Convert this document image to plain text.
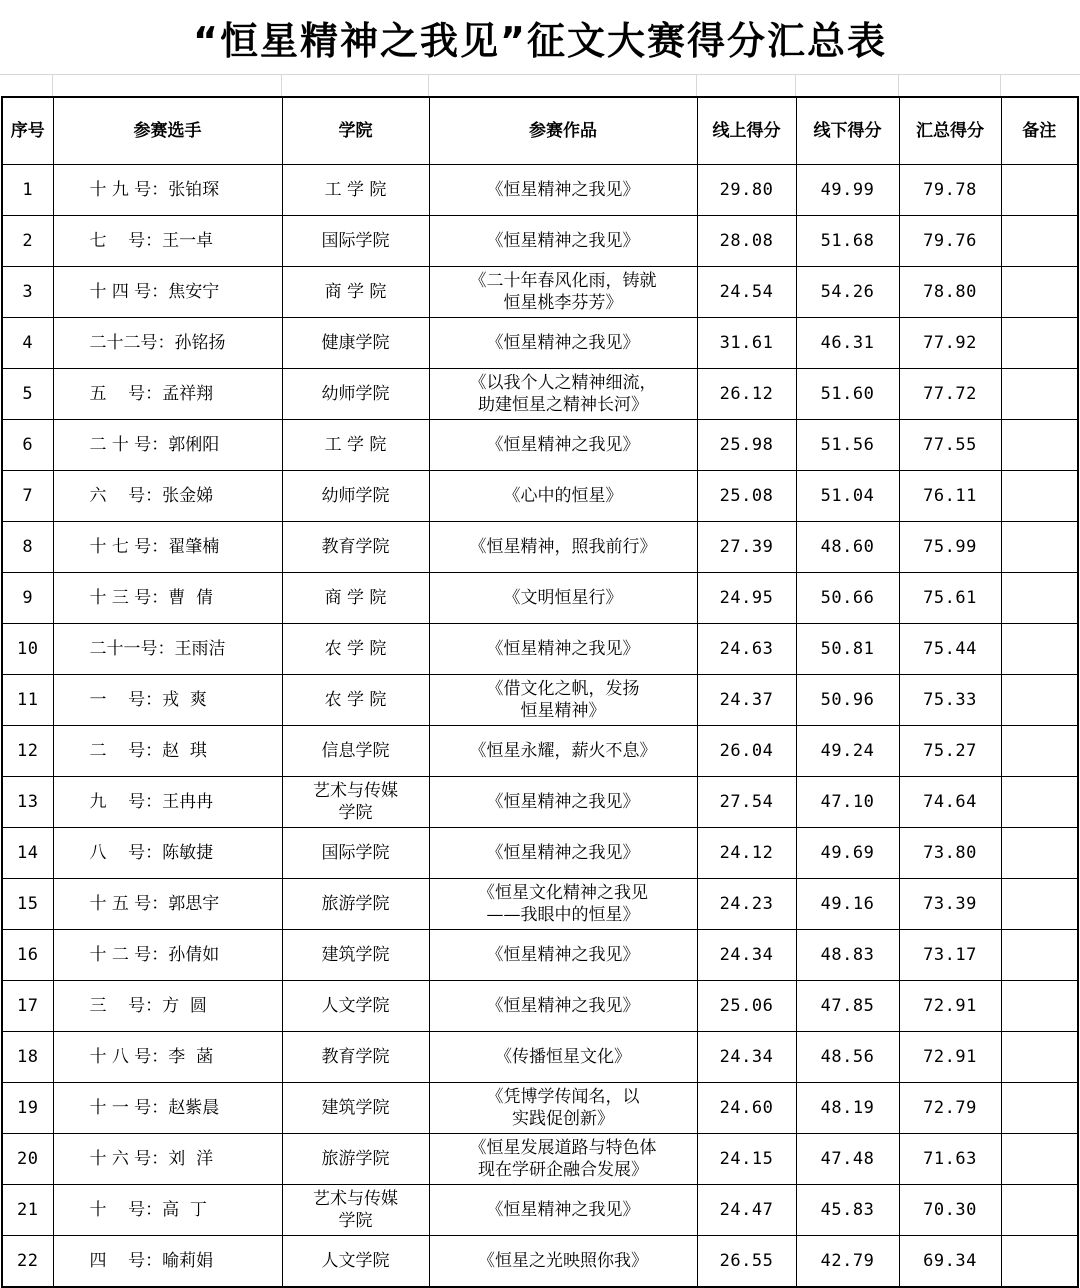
“恒星精神之我见”征文大赛得分汇总表
序号	参赛选手	学院	参赛作品	线上得分	线下得分	汇总得分	备注
1	十 九 号：张铂琛	工 学 院	《恒星精神之我见》	29.80	49.99	79.78	
2	七    号：王一卓	国际学院	《恒星精神之我见》	28.08	51.68	79.76	
3	十 四 号：焦安宁	商 学 院	《二十年春风化雨，铸就
恒星桃李芬芳》	24.54	54.26	78.80	
4	二十二号：孙铭扬	健康学院	《恒星精神之我见》	31.61	46.31	77.92	
5	五    号：孟祥翔	幼师学院	《以我个人之精神细流，
助建恒星之精神长河》	26.12	51.60	77.72	
6	二 十 号：郭俐阳	工 学 院	《恒星精神之我见》	25.98	51.56	77.55	
7	六    号：张金娣	幼师学院	《心中的恒星》	25.08	51.04	76.11	
8	十 七 号：翟肇楠	教育学院	《恒星精神，照我前行》	27.39	48.60	75.99	
9	十 三 号：曹  倩	商 学 院	《文明恒星行》	24.95	50.66	75.61	
10	二十一号：王雨洁	农 学 院	《恒星精神之我见》	24.63	50.81	75.44	
11	一    号：戎  爽	农 学 院	《借文化之帆，发扬
恒星精神》	24.37	50.96	75.33	
12	二    号：赵  琪	信息学院	《恒星永耀，薪火不息》	26.04	49.24	75.27	
13	九    号：王冉冉	艺术与传媒
学院	《恒星精神之我见》	27.54	47.10	74.64	
14	八    号：陈敏捷	国际学院	《恒星精神之我见》	24.12	49.69	73.80	
15	十 五 号：郭思宇	旅游学院	《恒星文化精神之我见
——我眼中的恒星》	24.23	49.16	73.39	
16	十 二 号：孙倩如	建筑学院	《恒星精神之我见》	24.34	48.83	73.17	
17	三    号：方  圆	人文学院	《恒星精神之我见》	25.06	47.85	72.91	
18	十 八 号：李  菡	教育学院	《传播恒星文化》	24.34	48.56	72.91	
19	十 一 号：赵紫晨	建筑学院	《凭博学传闻名，以
实践促创新》	24.60	48.19	72.79	
20	十 六 号：刘  洋	旅游学院	《恒星发展道路与特色体
现在学研企融合发展》	24.15	47.48	71.63	
21	十    号：高  丁	艺术与传媒
学院	《恒星精神之我见》	24.47	45.83	70.30	
22	四    号：喻莉娟	人文学院	《恒星之光映照你我》	26.55	42.79	69.34	
